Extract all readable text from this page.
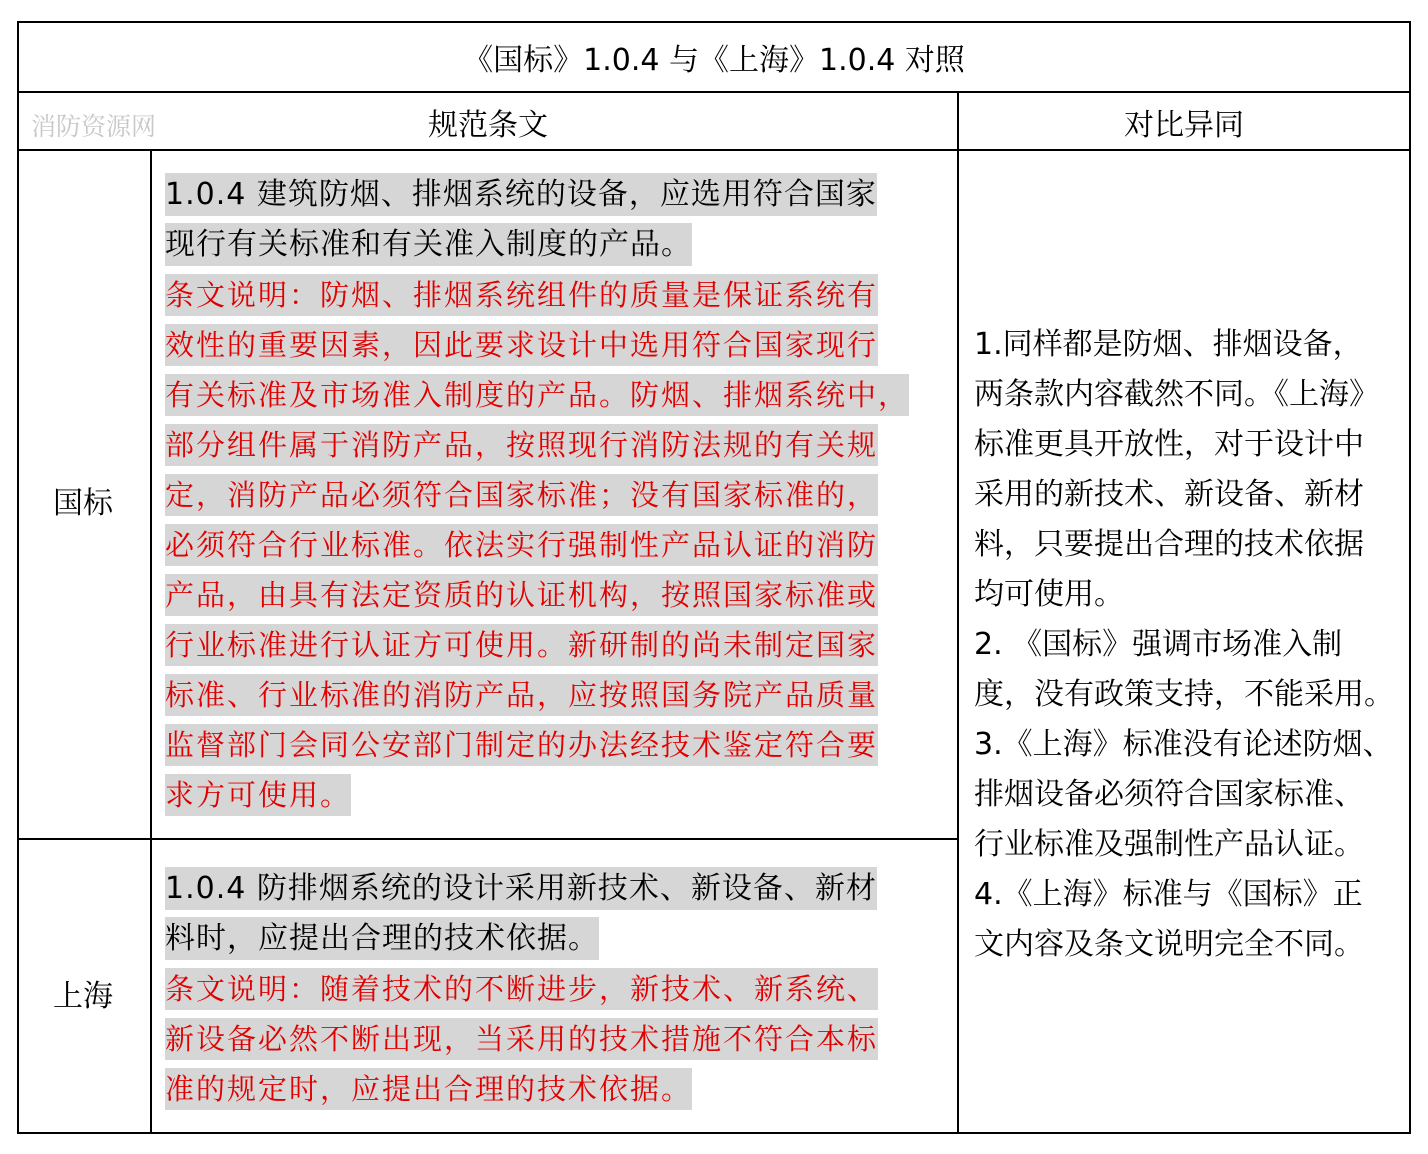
《国标》1.0.4 与《上海》1.0.4 对照
消防资源网	规范条文	对比异同
国标
上海
1.0.4 建筑防烟、排烟系统的设备，应选用符合国家
现行有关标准和有关准入制度的产品。
条文说明：防烟、排烟系统组件的质量是保证系统有
效性的重要因素，因此要求设计中选用符合国家现行
有关标准及市场准入制度的产品。防烟、排烟系统中，
部分组件属于消防产品，按照现行消防法规的有关规
定，消防产品必须符合国家标准；没有国家标准的，
必须符合行业标准。依法实行强制性产品认证的消防
产品，由具有法定资质的认证机构，按照国家标准或
行业标准进行认证方可使用。新研制的尚未制定国家
标准、行业标准的消防产品，应按照国务院产品质量
监督部门会同公安部门制定的办法经技术鉴定符合要
求方可使用。
1.0.4 防排烟系统的设计采用新技术、新设备、新材
料时，应提出合理的技术依据。
条文说明：随着技术的不断进步，新技术、新系统、
新设备必然不断出现，当采用的技术措施不符合本标
准的规定时，应提出合理的技术依据。
1.同样都是防烟、排烟设备，
两条款内容截然不同。《上海》
标准更具开放性，对于设计中
采用的新技术、新设备、新材
料，只要提出合理的技术依据
均可使用。
2. 《国标》强调市场准入制
度，没有政策支持，不能采用。
3.《上海》标准没有论述防烟、
排烟设备必须符合国家标准、
行业标准及强制性产品认证。
4.《上海》标准与《国标》正
文内容及条文说明完全不同。
